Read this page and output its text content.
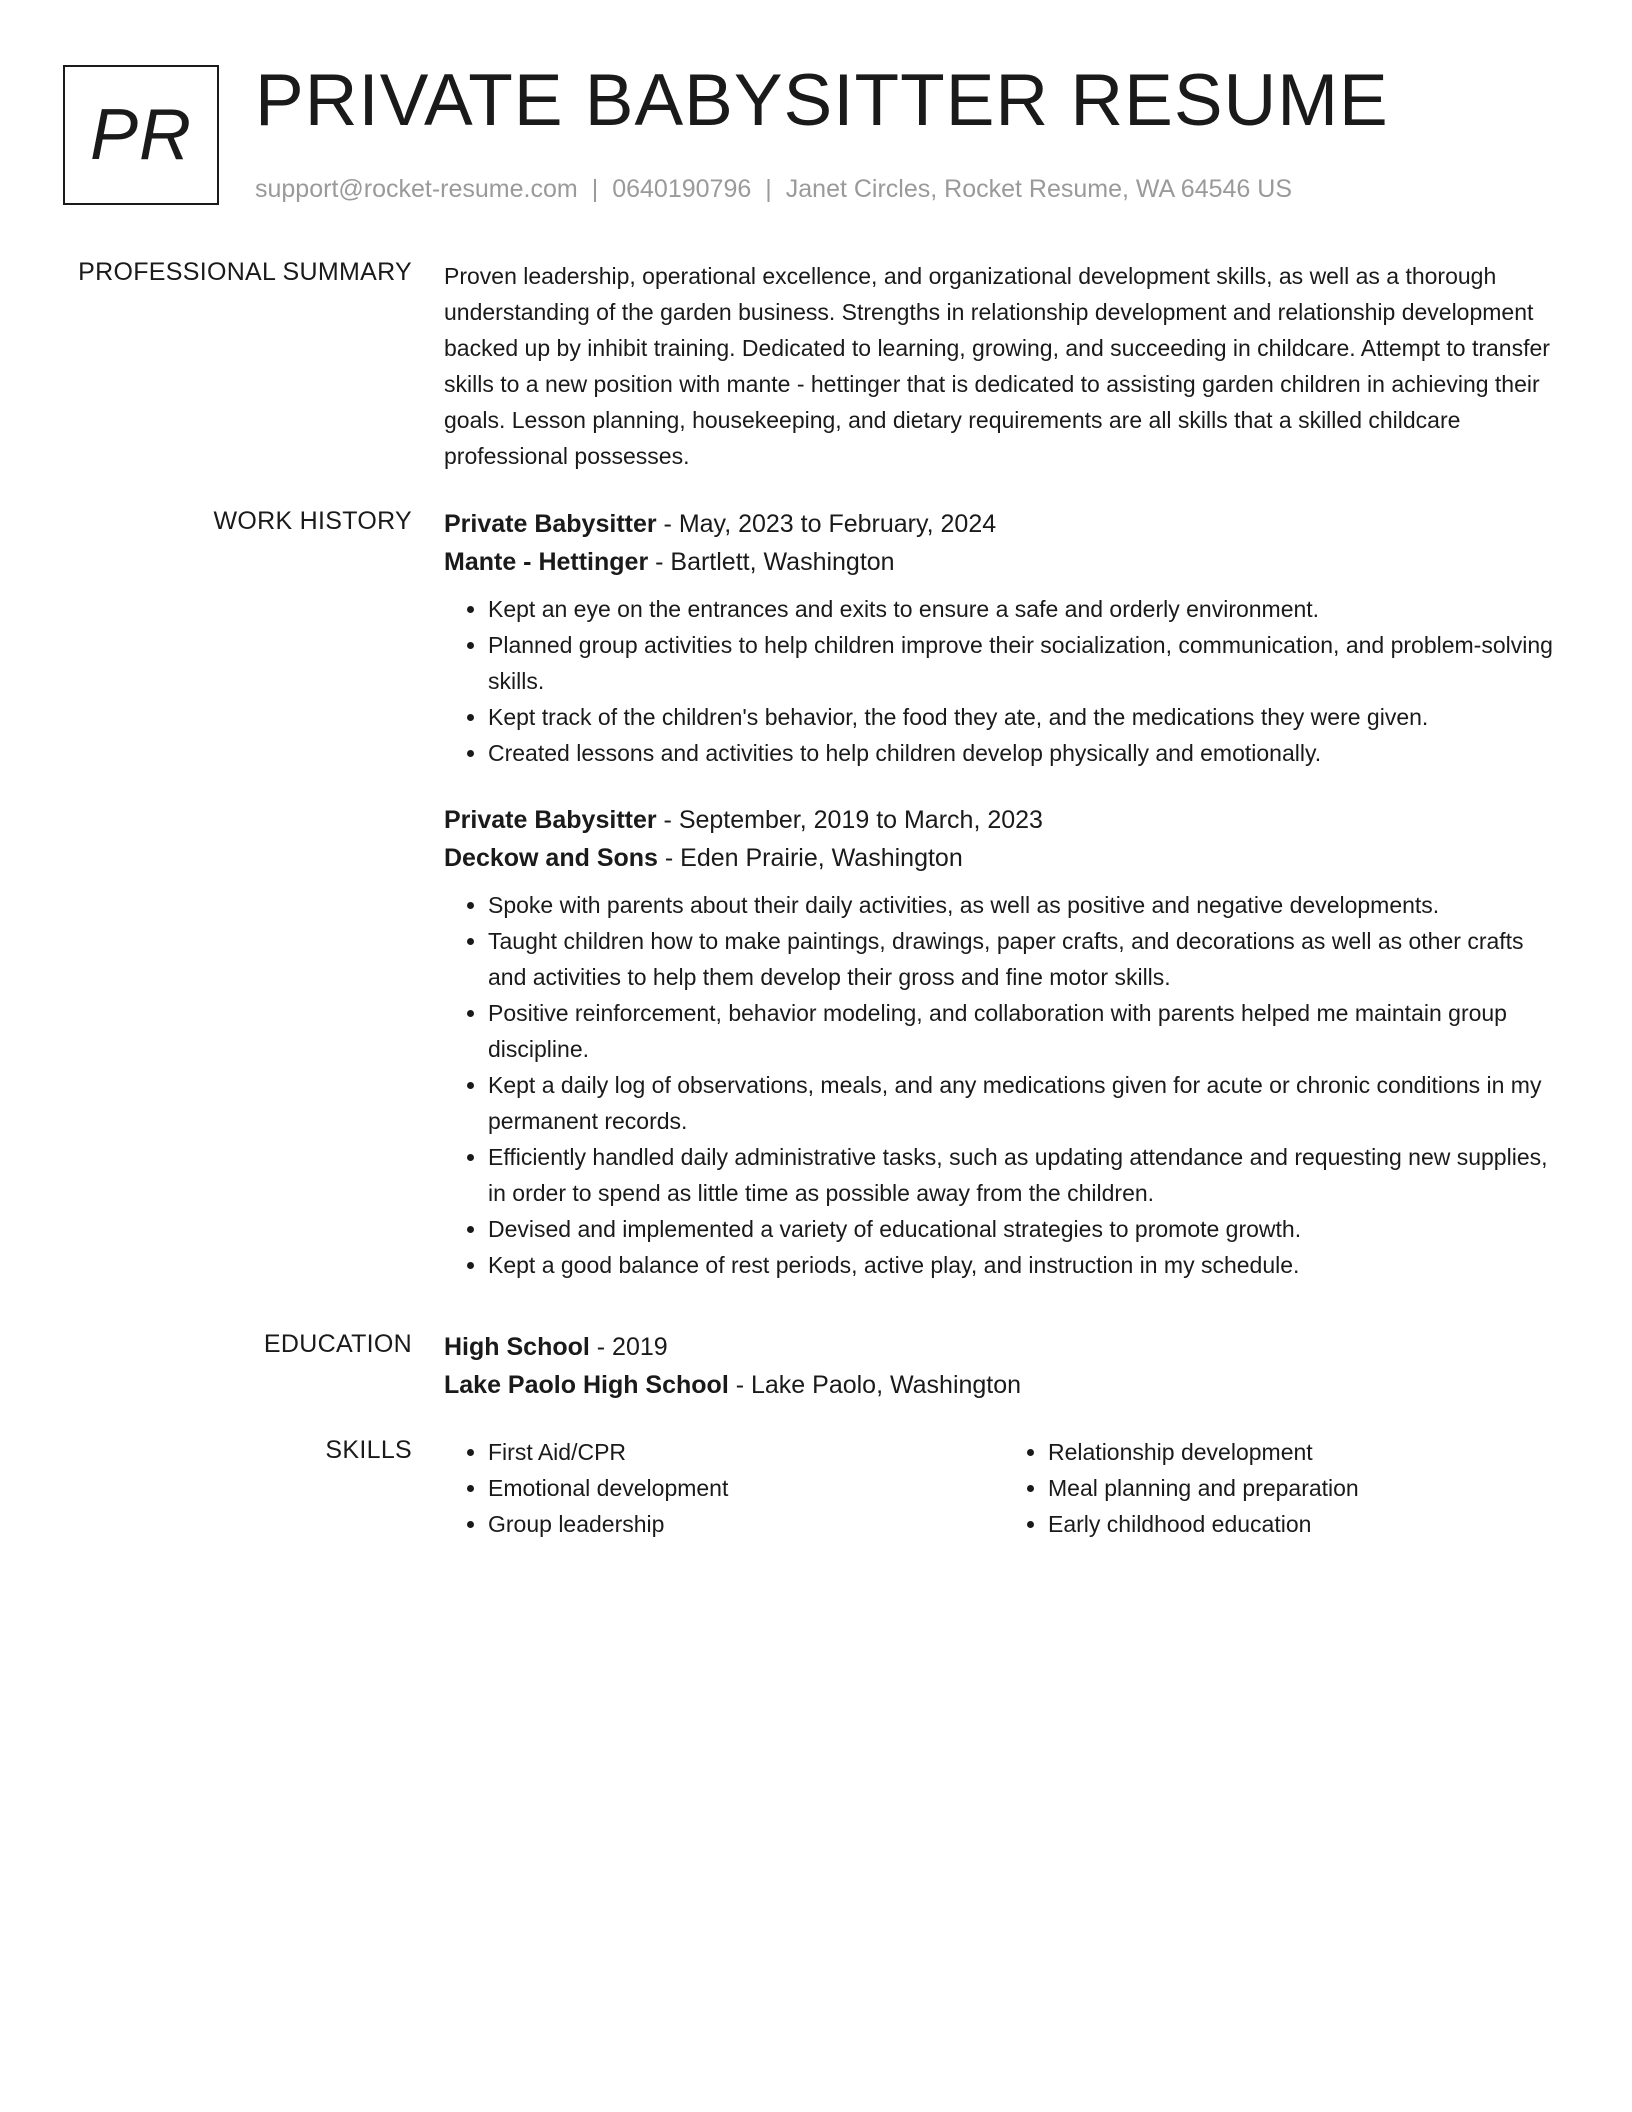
PR PRIVATE BABYSITTER RESUME

support@rocket-resume.com | 0640190796 | Janet Circles, Rocket Resume, WA 64546 US

PROFESSIONAL SUMMARY Proven leadership, operational excellence, and organizational development skills, as well as a thorough understanding of the garden business. Strengths in relationship development and relationship development backed up by inhibit training. Dedicated to learning, growing, and succeeding in childcare. Attempt to transfer skills to a new position with mante - hettinger that is dedicated to assisting garden children in achieving their goals. Lesson planning, housekeeping, and dietary requirements are all skills that a skilled childcare professional possesses.

WORK HISTORY Private Babysitter - May, 2023 to February, 2024
Mante - Hettinger - Bartlett, Washington
• Kept an eye on the entrances and exits to ensure a safe and orderly environment.
• Planned group activities to help children improve their socialization, communication, and problem-solving skills.
• Kept track of the children's behavior, the food they ate, and the medications they were given.
• Created lessons and activities to help children develop physically and emotionally.
Private Babysitter - September, 2019 to March, 2023
Deckow and Sons - Eden Prairie, Washington
• Spoke with parents about their daily activities, as well as positive and negative developments.
• Taught children how to make paintings, drawings, paper crafts, and decorations as well as other crafts and activities to help them develop their gross and fine motor skills.
• Positive reinforcement, behavior modeling, and collaboration with parents helped me maintain group discipline.
• Kept a daily log of observations, meals, and any medications given for acute or chronic conditions in my permanent records.
• Efficiently handled daily administrative tasks, such as updating attendance and requesting new supplies, in order to spend as little time as possible away from the children.
• Devised and implemented a variety of educational strategies to promote growth.
• Kept a good balance of rest periods, active play, and instruction in my schedule.
EDUCATION High School - 2019
Lake Paolo High School - Lake Paolo, Washington
SKILLS
•	First Aid/CPR
• Emotional development
• Group leadership
• Relationship development
• Meal planning and preparation
• Early childhood education
